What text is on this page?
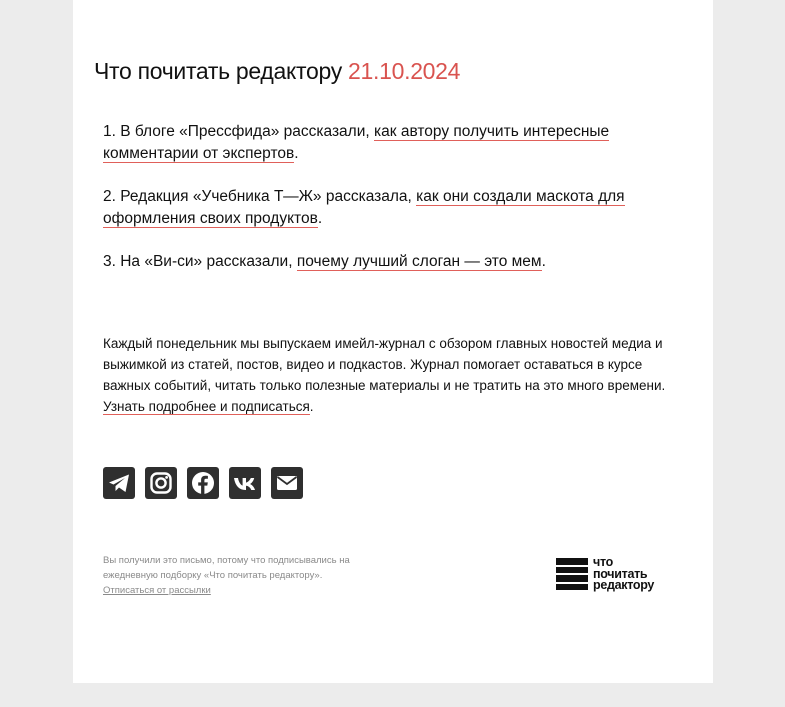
Что почитать редактору 21.10.2024

1. В блоге «Прессфида» рассказали, как автору получить интересные комментарии от экспертов.

2. Редакция «Учебника Т—Ж» рассказала, как они создали маскота для оформления своих продуктов.

3. На «Ви-си» рассказали, почему лучший слоган — это мем.

Каждый понедельник мы выпускаем имейл-журнал с обзором главных новостей медиа и выжимкой из статей, постов, видео и подкастов. Журнал помогает оставаться в курсе важных событий, читать только полезные материалы и не тратить на это много времени. Узнать подробнее и подписаться.

Вы получили это письмо, потому что подписывались на ежедневную подборку «Что почитать редактору».
Отписаться от рассылки
что
почитать
редактору
